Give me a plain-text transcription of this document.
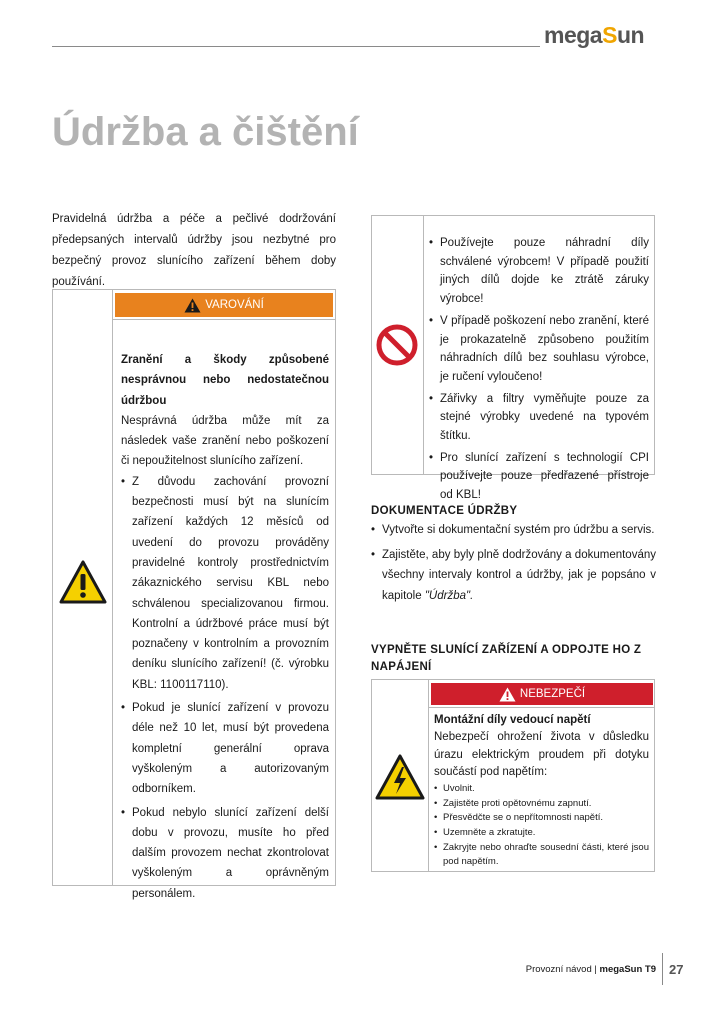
megaSun
Údržba a čištění

Pravidelná údržba a péče a pečlivé dodržování předepsaných intervalů údržby jsou nezbytné pro bezpečný provoz slunícího zařízení během doby používání.

VAROVÁNÍ

Zranění a škody způsobené nesprávnou nebo nedostatečnou údržbou

Nesprávná údržba může mít za následek vaše zranění nebo poškození či nepoužitelnost slunícího zařízení.

• Z důvodu zachování provozní bezpečnosti musí být na slunícím zařízení každých 12 měsíců od uvedení do provozu prováděny pravidelné kontroly prostřednictvím zákaznického servisu KBL nebo schválenou specializovanou firmou. Kontrolní a údržbové práce musí být poznačeny v kontrolním a provozním deníku slunícího zařízení! (č. výrobku KBL: 1100117110).
• Pokud je slunící zařízení v provozu déle než 10 let, musí být provedena kompletní generální oprava vyškoleným a autorizovaným odborníkem.
• Pokud nebylo slunící zařízení delší dobu v provozu, musíte ho před dalším provozem nechat zkontrolovat vyškoleným a oprávněným personálem.
• Používejte pouze náhradní díly schválené výrobcem! V případě použití jiných dílů dojde ke ztrátě záruky výrobce!
• V případě poškození nebo zranění, které je prokazatelně způsobeno použitím náhradních dílů bez souhlasu výrobce, je ručení vyloučeno!
• Zářivky a filtry vyměňujte pouze za stejné výrobky uvedené na typovém štítku.
• Pro slunící zařízení s technologií CPI používejte pouze předřazené přístroje od KBL!
DOKUMENTACE ÚDRŽBY
• Vytvořte si dokumentační systém pro údržbu a servis.
• Zajistěte, aby byly plně dodržovány a dokumentovány všechny intervaly kontrol a údržby, jak je popsáno v kapitole "Údržba".
VYPNĚTE SLUNÍCÍ ZAŘÍZENÍ A ODPOJTE HO Z NAPÁJENÍ
NEBEZPEČÍ

Montážní díly vedoucí napětí

Nebezpečí ohrožení života v důsledku úrazu elektrickým proudem při dotyku součástí pod napětím:

• Uvolnit.
• Zajistěte proti opětovnému zapnutí.
• Přesvědčte se o nepřítomnosti napětí.
• Uzemněte a zkratujte.
• Zakryjte nebo ohraďte sousední části, které jsou pod napětím.
Provozní návod | megaSun T9 27
